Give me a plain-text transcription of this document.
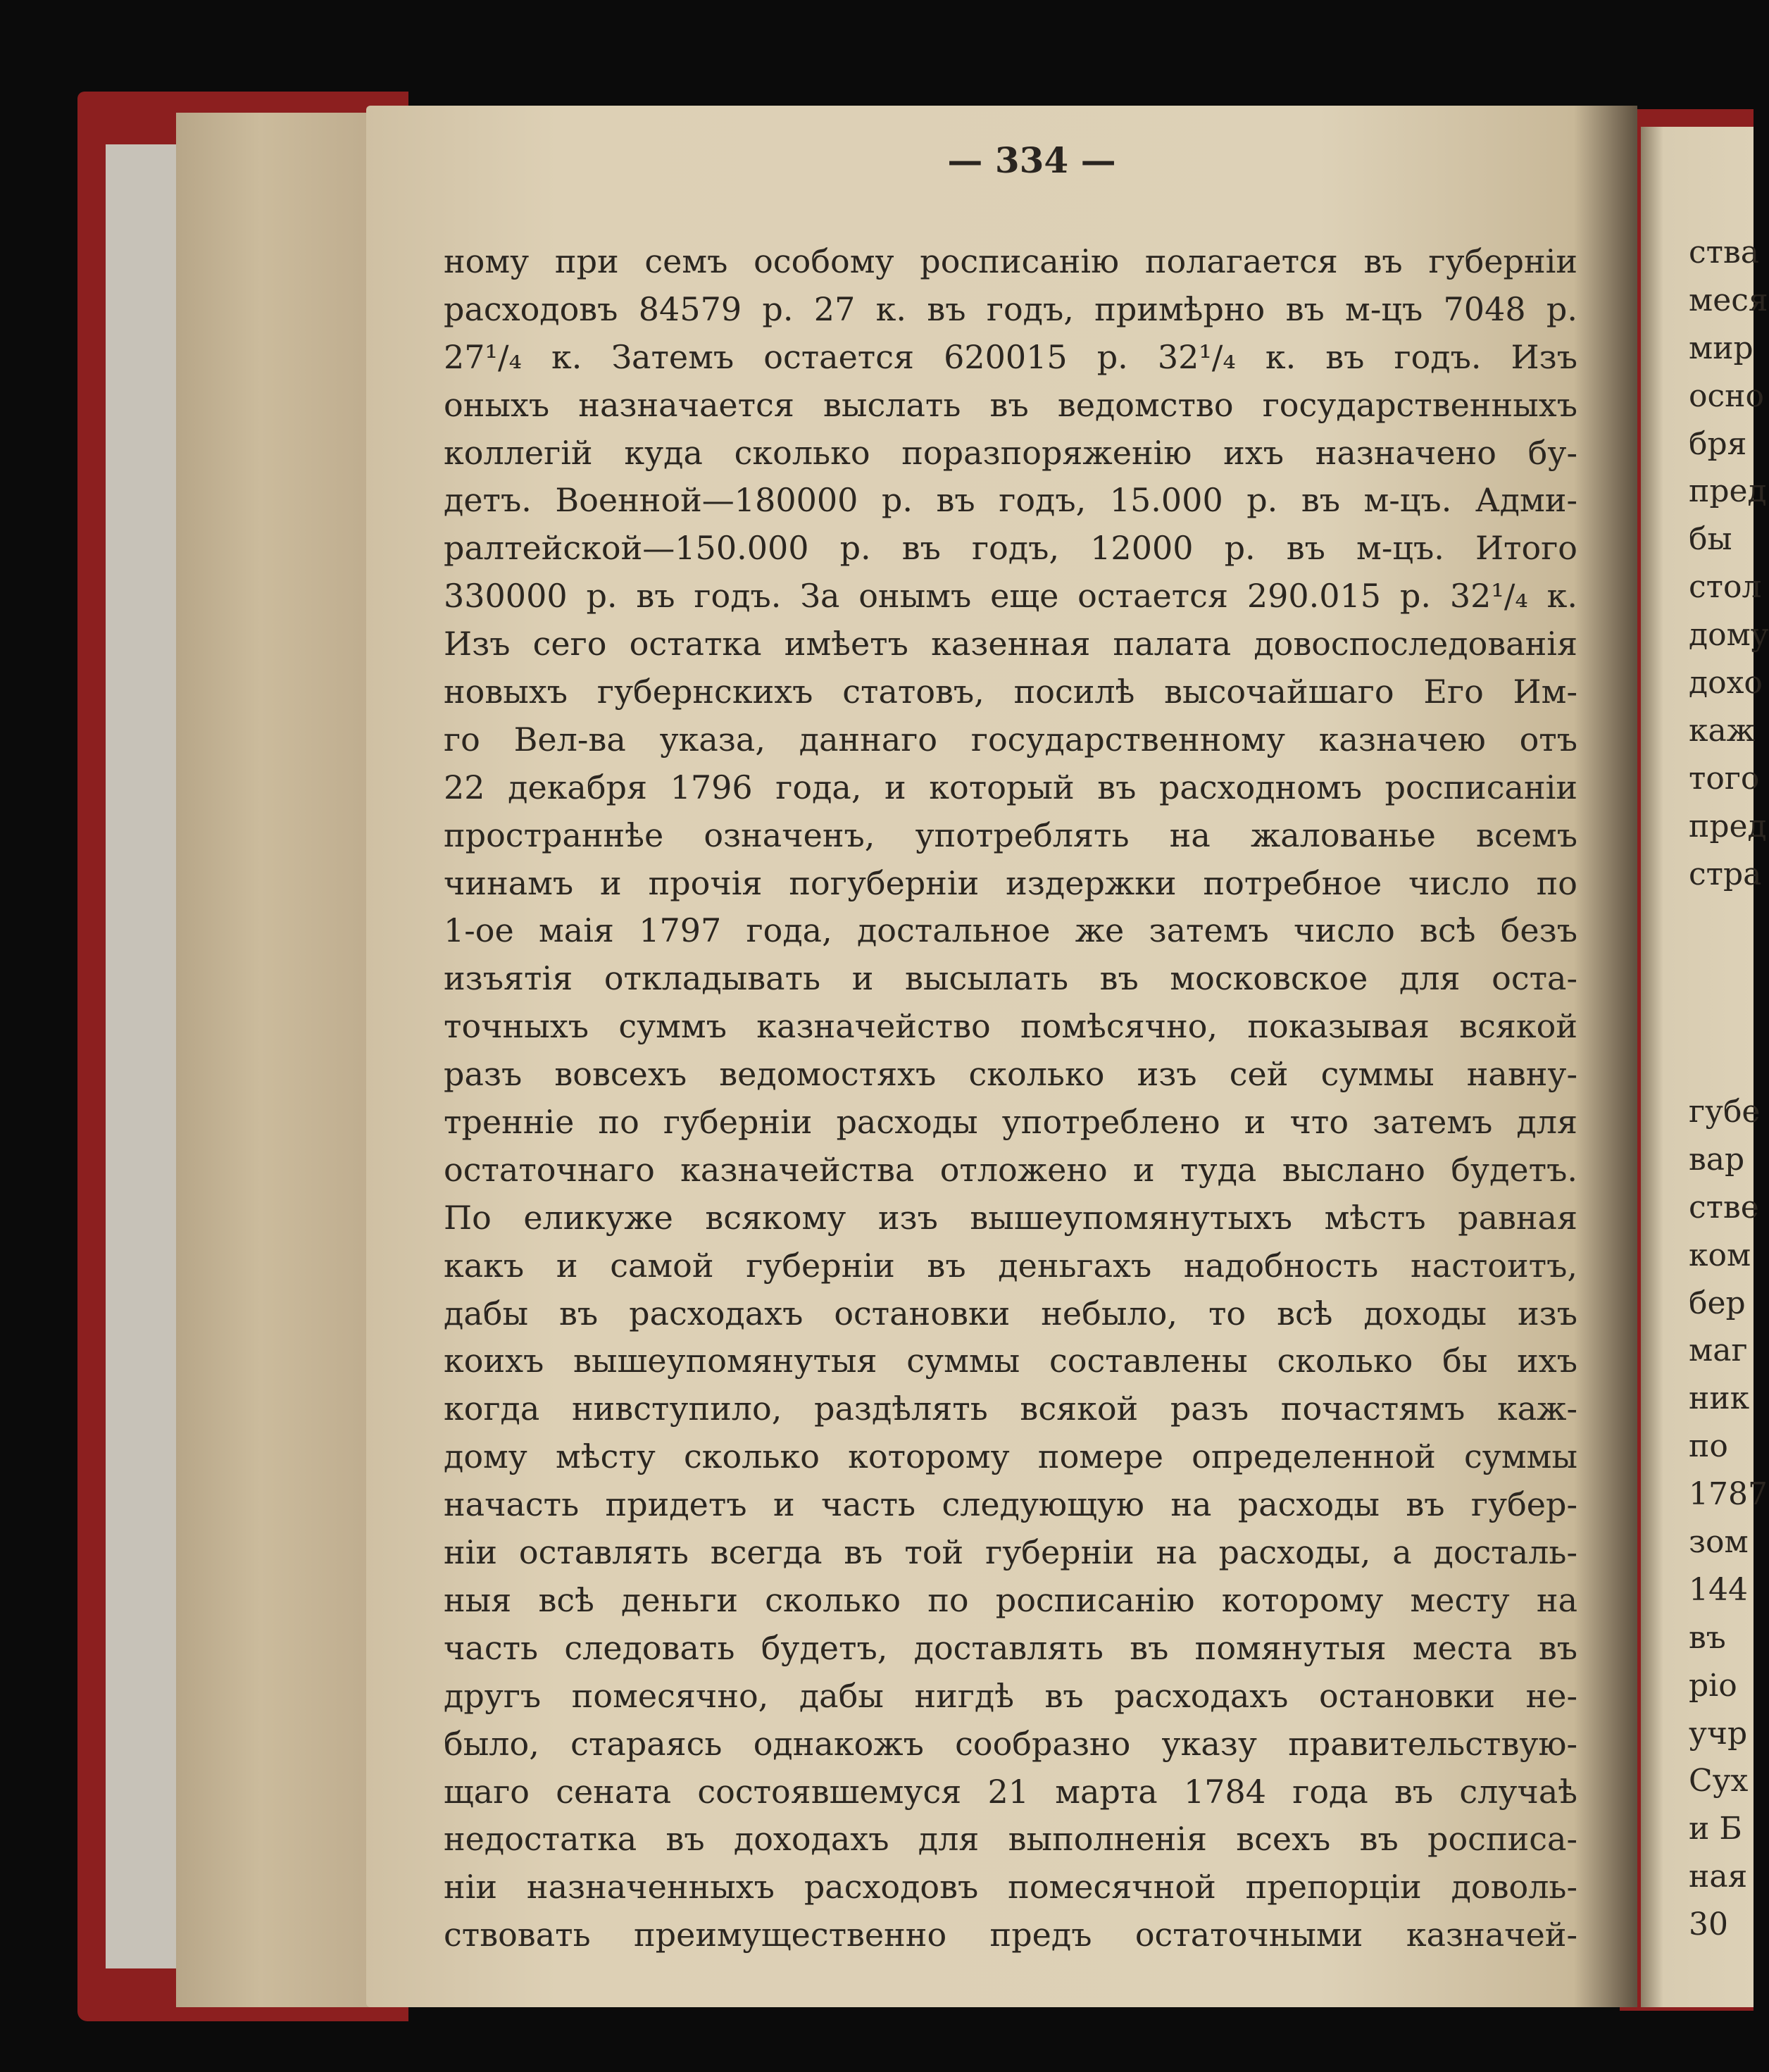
— 334 —
ному при семъ особому росписанію полагается въ губерніи
расходовъ 84579 р. 27 к. въ годъ, примѣрно въ м-цъ 7048 р.
27¹/₄ к. Затемъ остается 620015 р. 32¹/₄ к. въ годъ. Изъ
оныхъ назначается выслать въ ведомство государственныхъ
коллегій куда сколько поразпоряженію ихъ назначено бу-
детъ. Военной—180000 р. въ годъ, 15.000 р. въ м-цъ. Адми-
ралтейской—150.000 р. въ годъ, 12000 р. въ м-цъ. Итого
330000 р. въ годъ. За онымъ еще остается 290.015 р. 32¹/₄ к.
Изъ сего остатка имѣетъ казенная палата довоспоследованія
новыхъ губернскихъ статовъ, посилѣ высочайшаго Его Им-
го Вел-ва указа, даннаго государственному казначею отъ
22 декабря 1796 года, и который въ расходномъ росписаніи
пространнѣе означенъ, употреблять на жалованье всемъ
чинамъ и прочія погуберніи издержки потребное число по
1-ое маія 1797 года, достальное же затемъ число всѣ безъ
изъятія откладывать и высылать въ московское для оста-
точныхъ суммъ казначейство помѣсячно, показывая всякой
разъ вовсехъ ведомостяхъ сколько изъ сей суммы навну-
тренніе по губерніи расходы употреблено и что затемъ для
остаточнаго казначейства отложено и туда выслано будетъ.
По еликуже всякому изъ вышеупомянутыхъ мѣстъ равная
какъ и самой губерніи въ деньгахъ надобность настоитъ,
дабы въ расходахъ остановки небыло, то всѣ доходы изъ
коихъ вышеупомянутыя суммы составлены сколько бы ихъ
когда нивступило, раздѣлять всякой разъ почастямъ каж-
дому мѣсту сколько которому помере определенной суммы
начасть придетъ и часть следующую на расходы въ губер-
ніи оставлять всегда въ той губерніи на расходы, а досталь-
ныя всѣ деньги сколько по росписанію которому месту на
часть следовать будетъ, доставлять въ помянутыя места въ
другъ помесячно, дабы нигдѣ въ расходахъ остановки не-
было, стараясь однакожъ сообразно указу правительствую-
щаго сената состоявшемуся 21 марта 1784 года въ случаѣ
недостатка въ доходахъ для выполненія всехъ въ росписа-
ніи назначенныхъ расходовъ помесячной препорціи доволь-
ствовать преимущественно предъ остаточными казначей-
ства
меся
мир
осно
бря
пред
бы
стол
дому
дохо
каж
того
пред
стра
губе
вар
стве
ком
бер
маг
ник
по
1787
зом
144
въ
ріо
учр
Сух
и Б
ная
30
